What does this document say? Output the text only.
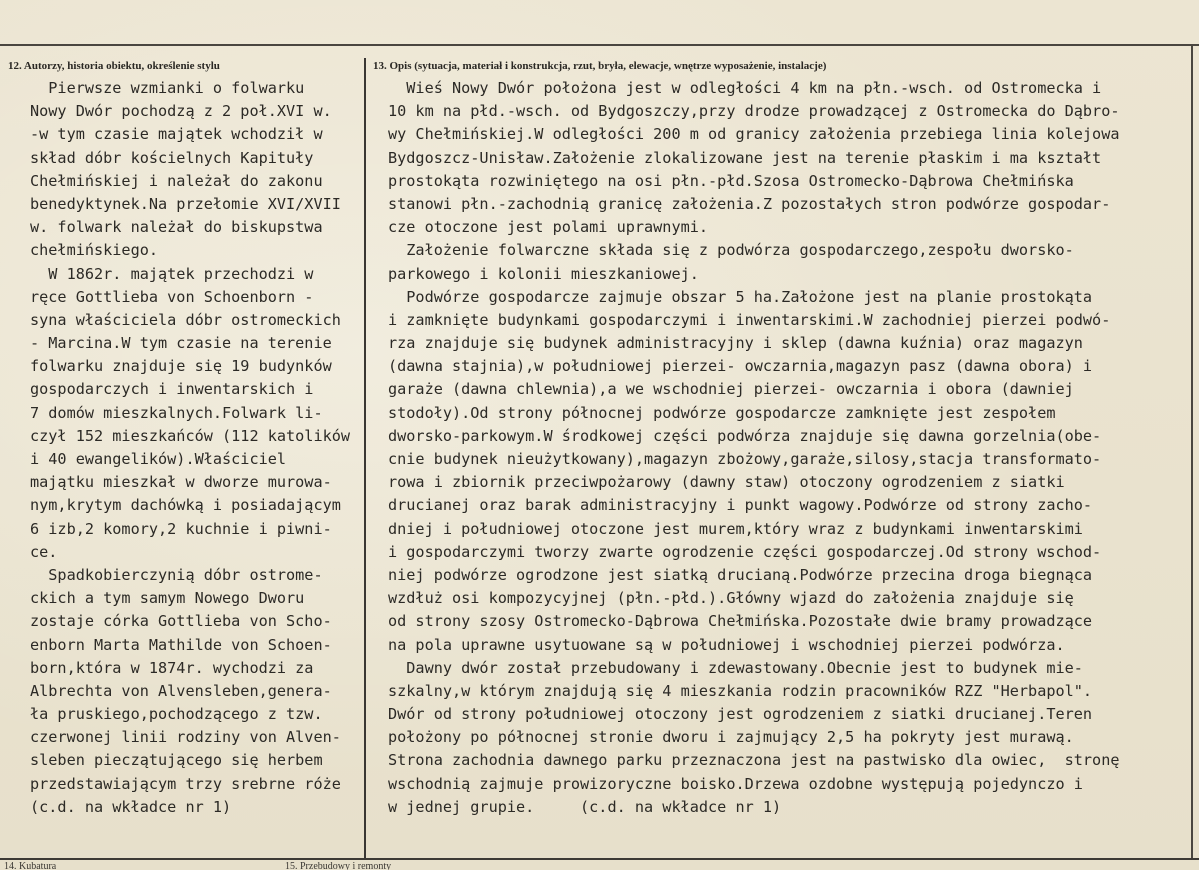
12. Autorzy, historia obiektu, określenie stylu	13. Opis (sytuacja, materiał i konstrukcja, rzut, bryła, elewacje, wnętrze wyposażenie, instalacje)
Pierwsze wzmianki o folwarku
Nowy Dwór pochodzą z 2 poł.XVI w.
-w tym czasie majątek wchodził w
skład dóbr kościelnych Kapituły
Chełmińskiej i należał do zakonu
benedyktynek.Na przełomie XVI/XVII
w. folwark należał do biskupstwa
chełmińskiego.
W 1862r. majątek przechodzi w
ręce Gottlieba von Schoenborn -
syna właściciela dóbr ostromeckich
- Marcina.W tym czasie na terenie
folwarku znajduje się 19 budynków
gospodarczych i inwentarskich i
7 domów mieszkalnych.Folwark li-
czył 152 mieszkańców (112 katolików
i 40 ewangelików).Właściciel
majątku mieszkał w dworze murowa-
nym,krytym dachówką i posiadającym
6 izb,2 komory,2 kuchnie i piwni-
ce.
Spadkobierczynią dóbr ostrome-
ckich a tym samym Nowego Dworu
zostaje córka Gottlieba von Scho-
enborn Marta Mathilde von Schoen-
born,która w 1874r. wychodzi za
Albrechta von Alvensleben,genera-
ła pruskiego,pochodzącego z tzw.
czerwonej linii rodziny von Alven-
sleben pieczątującego się herbem
przedstawiającym trzy srebrne róże
(c.d. na wkładce nr 1)
Wieś Nowy Dwór położona jest w odległości 4 km na płn.-wsch. od Ostromecka i
10 km na płd.-wsch. od Bydgoszczy,przy drodze prowadzącej z Ostromecka do Dąbro-
wy Chełmińskiej.W odległości 200 m od granicy założenia przebiega linia kolejowa
Bydgoszcz-Unisław.Założenie zlokalizowane jest na terenie płaskim i ma kształt
prostokąta rozwiniętego na osi płn.-płd.Szosa Ostromecko-Dąbrowa Chełmińska
stanowi płn.-zachodnią granicę założenia.Z pozostałych stron podwórze gospodar-
cze otoczone jest polami uprawnymi.
Założenie folwarczne składa się z podwórza gospodarczego,zespołu dworsko-
parkowego i kolonii mieszkaniowej.
Podwórze gospodarcze zajmuje obszar 5 ha.Założone jest na planie prostokąta
i zamknięte budynkami gospodarczymi i inwentarskimi.W zachodniej pierzei podwó-
rza znajduje się budynek administracyjny i sklep (dawna kuźnia) oraz magazyn
(dawna stajnia),w południowej pierzei- owczarnia,magazyn pasz (dawna obora) i
garaże (dawna chlewnia),a we wschodniej pierzei- owczarnia i obora (dawniej
stodoły).Od strony północnej podwórze gospodarcze zamknięte jest zespołem
dworsko-parkowym.W środkowej części podwórza znajduje się dawna gorzelnia(obe-
cnie budynek nieużytkowany),magazyn zbożowy,garaże,silosy,stacja transformato-
rowa i zbiornik przeciwpożarowy (dawny staw) otoczony ogrodzeniem z siatki
drucianej oraz barak administracyjny i punkt wagowy.Podwórze od strony zacho-
dniej i południowej otoczone jest murem,który wraz z budynkami inwentarskimi
i gospodarczymi tworzy zwarte ogrodzenie części gospodarczej.Od strony wschod-
niej podwórze ogrodzone jest siatką drucianą.Podwórze przecina droga biegnąca
wzdłuż osi kompozycyjnej (płn.-płd.).Główny wjazd do założenia znajduje się
od strony szosy Ostromecko-Dąbrowa Chełmińska.Pozostałe dwie bramy prowadzące
na pola uprawne usytuowane są w południowej i wschodniej pierzei podwórza.
Dawny dwór został przebudowany i zdewastowany.Obecnie jest to budynek mie-
szkalny,w którym znajdują się 4 mieszkania rodzin pracowników RZZ "Herbapol".
Dwór od strony południowej otoczony jest ogrodzeniem z siatki drucianej.Teren
położony po północnej stronie dworu i zajmujący 2,5 ha pokryty jest murawą.
Strona zachodnia dawnego parku przeznaczona jest na pastwisko dla owiec,  stronę
wschodnią zajmuje prowizoryczne boisko.Drzewa ozdobne występują pojedynczo i
w jednej grupie.     (c.d. na wkładce nr 1)
14. Kubatura	15. Przebudowy i remonty
